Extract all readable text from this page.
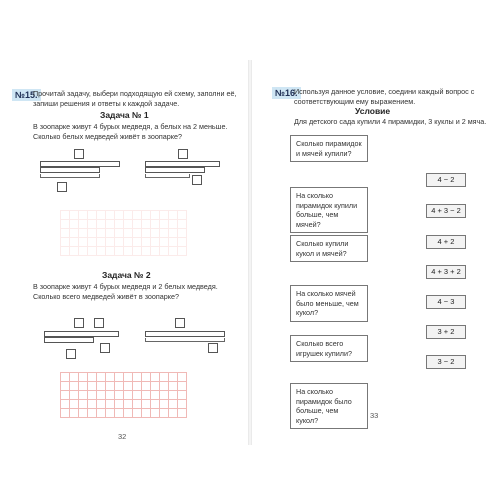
№15.
Прочитай задачу, выбери подходящую ей схему, заполни её, запиши решения и ответы к каждой задаче.
Задача № 1
В зоопарке живут 4 бурых медведя, а белых на 2 меньше. Сколько белых медведей живёт в зоопарке?
Задача № 2
В зоопарке живут 4 бурых медведя и 2 белых медведя. Сколько всего медведей живёт в зоопарке?
32
№16.
Используя данное условие, соедини каждый вопрос с соответствующим ему выражением.
Условие
Для детского сада купили 4 пирамидки, 3 куклы и 2 мяча.
Сколько пирамидок и мячей купили?
На сколько пирамидок купили больше, чем мячей?
Сколько купили кукол и мячей?
На сколько мячей было меньше, чем кукол?
Сколько всего игрушек купили?
На сколько пирамидок было больше, чем кукол?
4 − 2
4 + 3 − 2
4 + 2
4 + 3 + 2
4 − 3
3 + 2
3 − 2
33
